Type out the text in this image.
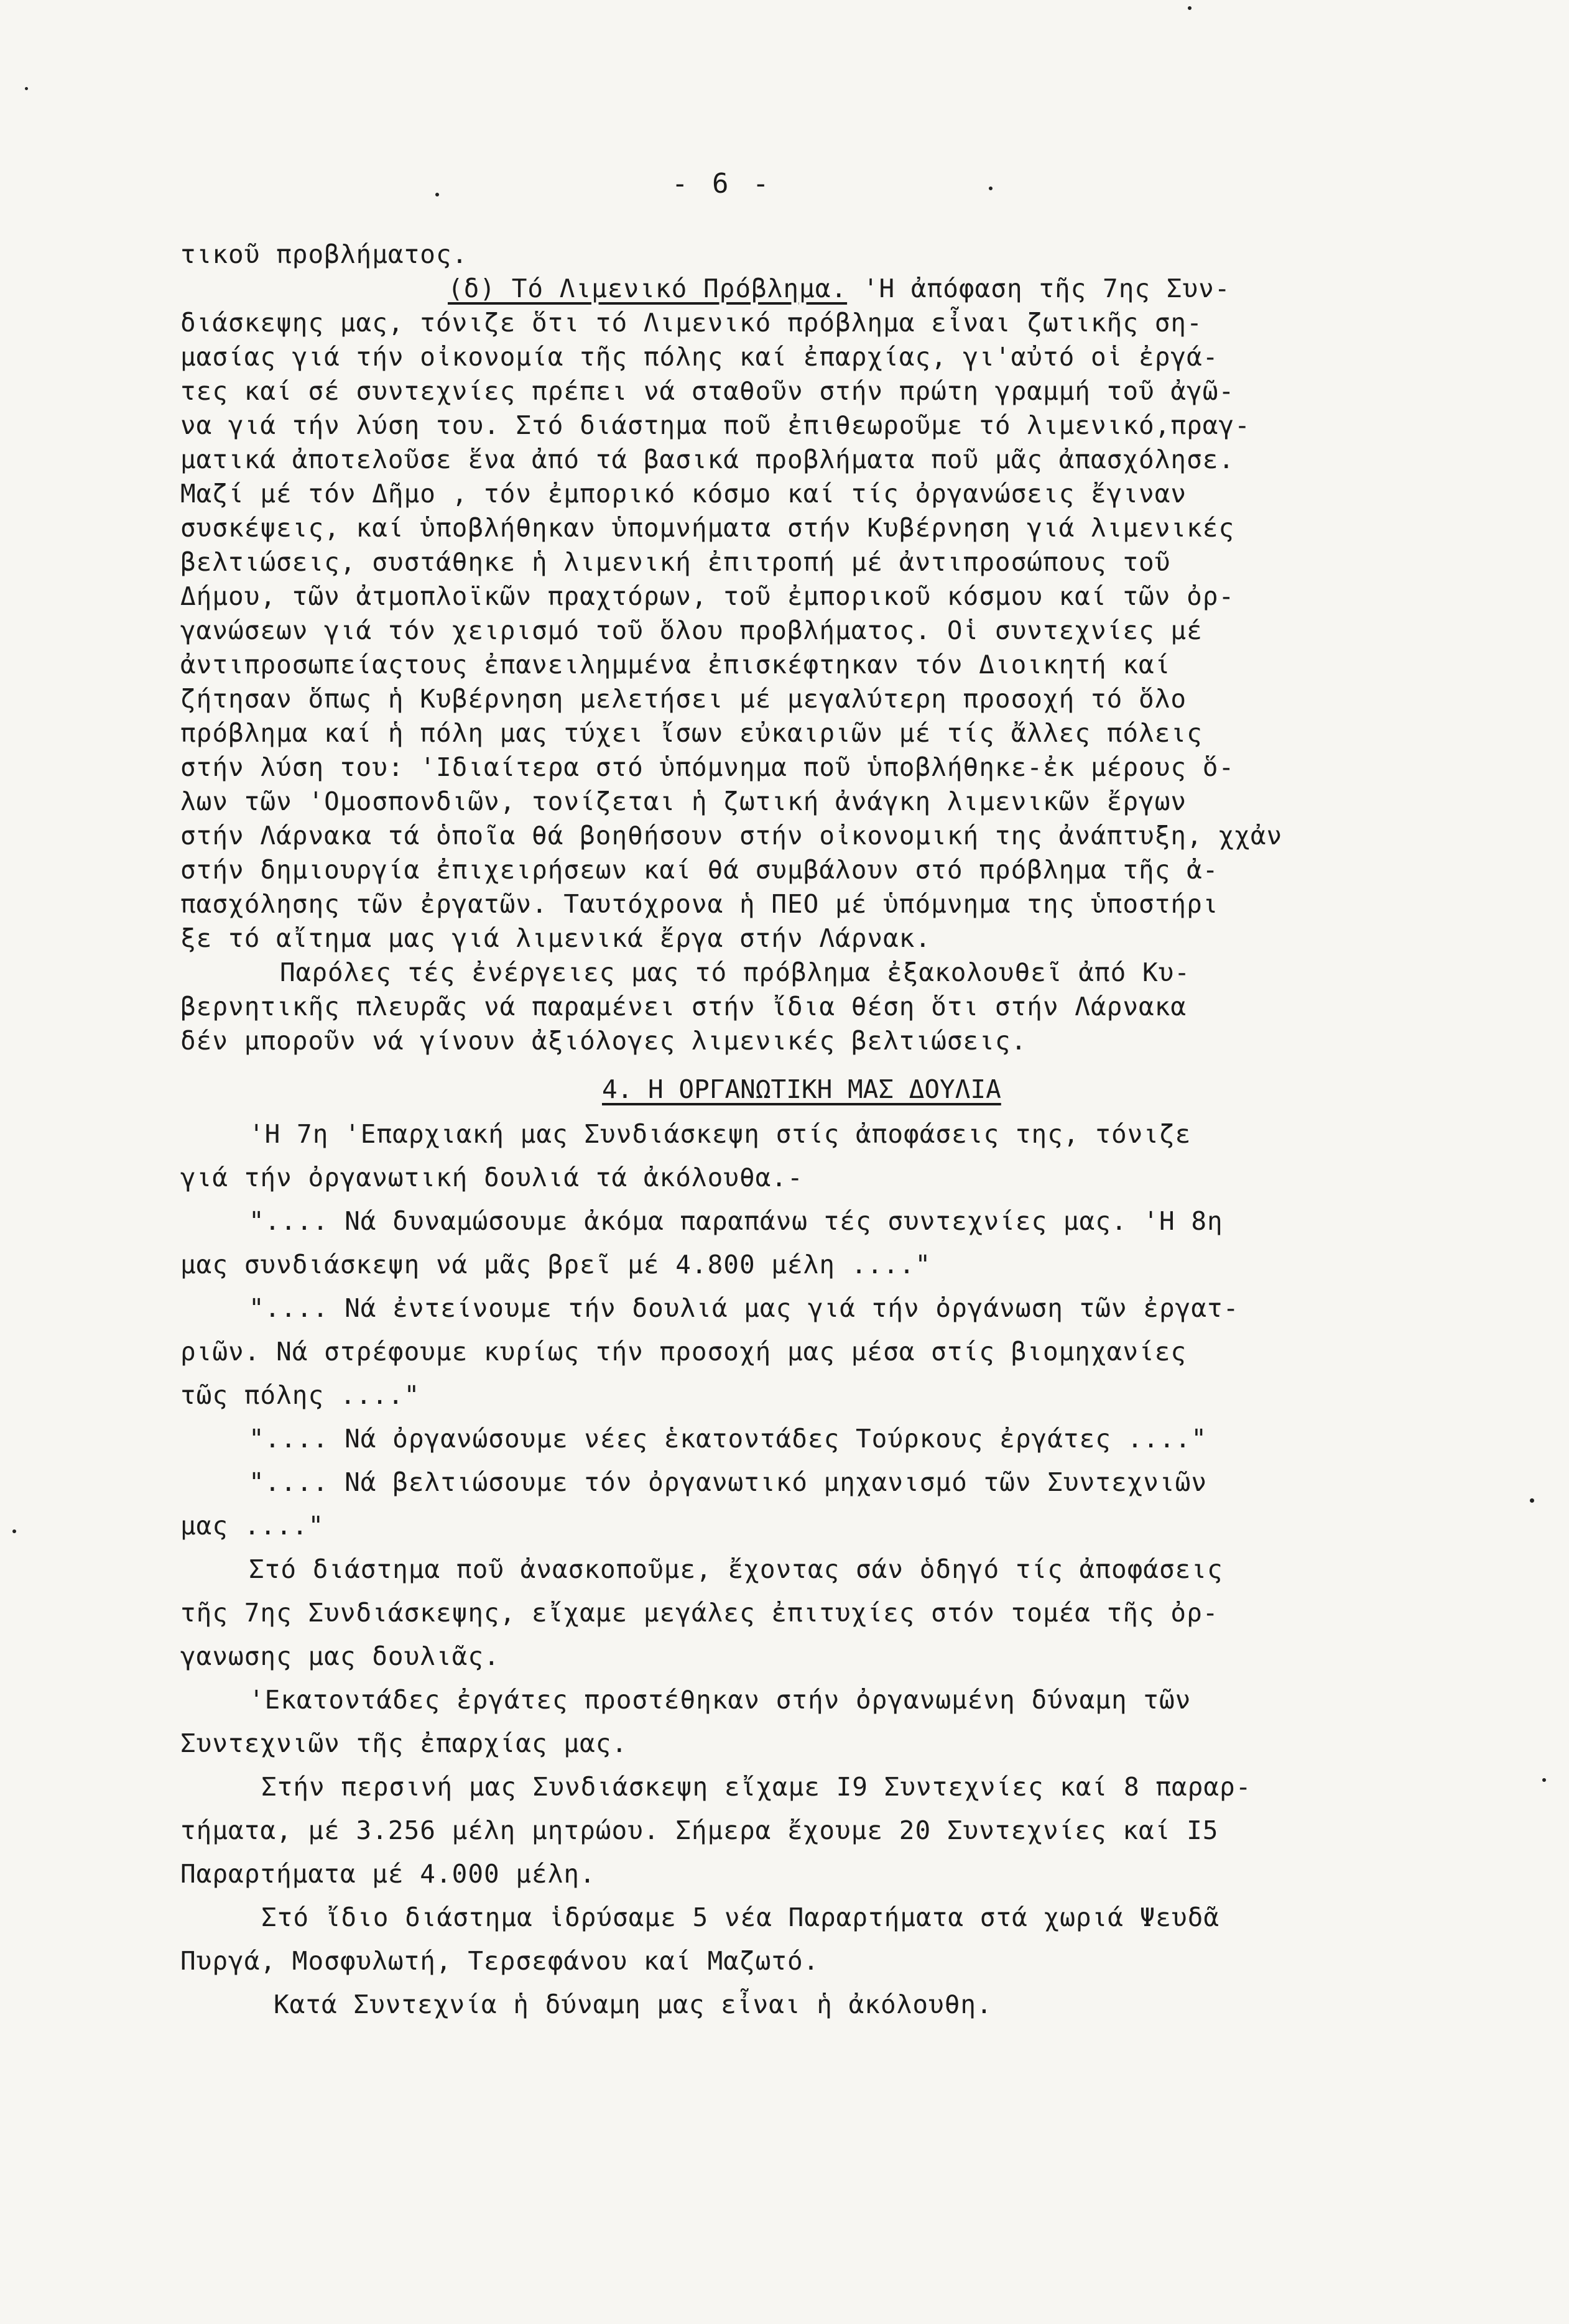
- 6 -
τικοῦ προβλήματος.
(δ) Τό Λιμενικό Πρόβλημα. 'Η ἀπόφαση τῆς 7ης Συν-
διάσκεψης μας, τόνιζε ὅτι τό Λιμενικό πρόβλημα εἶναι ζωτικῆς ση-
μασίας γιά τήν οἰκονομία τῆς πόλης καί ἐπαρχίας, γι'αὐτό οἱ ἐργά-
τες καί σέ συντεχνίες πρέπει νά σταθοῦν στήν πρώτη γραμμή τοῦ ἀγῶ-
να γιά τήν λύση του. Στό διάστημα ποῦ ἐπιθεωροῦμε τό λιμενικό,πραγ-
ματικά ἀποτελοῦσε ἕνα ἀπό τά βασικά προβλήματα ποῦ μᾶς ἀπασχόλησε.
Μαζί μέ τόν Δῆμο , τόν ἐμπορικό κόσμο καί τίς ὀργανώσεις ἔγιναν
συσκέψεις, καί ὑποβλήθηκαν ὑπομνήματα στήν Κυβέρνηση γιά λιμενικές
βελτιώσεις, συστάθηκε ἡ λιμενική ἐπιτροπή μέ ἀντιπροσώπους τοῦ
Δήμου, τῶν ἀτμοπλοϊκῶν πραχτόρων, τοῦ ἐμπορικοῦ κόσμου καί τῶν ὀρ-
γανώσεων γιά τόν χειρισμό τοῦ ὅλου προβλήματος. Οἱ συντεχνίες μέ
ἀντιπροσωπείαςτους ἐπανειλημμένα ἐπισκέφτηκαν τόν Διοικητή καί
ζήτησαν ὅπως ἡ Κυβέρνηση μελετήσει μέ μεγαλύτερη προσοχή τό ὅλο
πρόβλημα καί ἡ πόλη μας τύχει ἴσων εὐκαιριῶν μέ τίς ἄλλες πόλεις
στήν λύση του: 'Ιδιαίτερα στό ὑπόμνημα ποῦ ὑποβλήθηκε-ἐκ μέρους ὅ-
λων τῶν 'Ομοσπονδιῶν, τονίζεται ἡ ζωτική ἀνάγκη λιμενικῶν ἔργων
στήν Λάρνακα τά ὁποῖα θά βοηθήσουν στήν οἰκονομική της ἀνάπτυξη, χχἀν
στήν δημιουργία ἐπιχειρήσεων καί θά συμβάλουν στό πρόβλημα τῆς ἀ-
πασχόλησης τῶν ἐργατῶν. Ταυτόχρονα ἡ ΠΕΟ μέ ὑπόμνημα της ὑποστήρι
ξε τό αἴτημα μας γιά λιμενικά ἔργα στήν Λάρνακ.
Παρόλες τές ἐνέργειες μας τό πρόβλημα ἐξακολουθεῖ ἀπό Κυ-
βερνητικῆς πλευρᾶς νά παραμένει στήν ἴδια θέση ὅτι στήν Λάρνακα
δέν μποροῦν νά γίνουν ἀξιόλογες λιμενικές βελτιώσεις.
4. Η ΟΡΓΑΝΩΤΙΚΗ ΜΑΣ ΔΟΥΛΙΑ
'Η 7η 'Επαρχιακή μας Συνδιάσκεψη στίς ἀποφάσεις της, τόνιζε
γιά τήν ὀργανωτική δουλιά τά ἀκόλουθα.-
".... Νά δυναμώσουμε ἀκόμα παραπάνω τές συντεχνίες μας. 'Η 8η
μας συνδιάσκεψη νά μᾶς βρεῖ μέ 4.800 μέλη ...."
".... Νά ἐντείνουμε τήν δουλιά μας γιά τήν ὀργάνωση τῶν ἐργατ-
ριῶν. Νά στρέφουμε κυρίως τήν προσοχή μας μέσα στίς βιομηχανίες
τῶς πόλης ...."
".... Νά ὀργανώσουμε νέες ἑκατοντάδες Τούρκους ἐργάτες ...."
".... Νά βελτιώσουμε τόν ὀργανωτικό μηχανισμό τῶν Συντεχνιῶν
μας ...."
Στό διάστημα ποῦ ἀνασκοποῦμε, ἔχοντας σάν ὁδηγό τίς ἀποφάσεις
τῆς 7ης Συνδιάσκεψης, εἴχαμε μεγάλες ἐπιτυχίες στόν τομέα τῆς ὀρ-
γανωσης μας δουλιᾶς.
'Εκατοντάδες ἐργάτες προστέθηκαν στήν ὀργανωμένη δύναμη τῶν
Συντεχνιῶν τῆς ἐπαρχίας μας.
Στήν περσινή μας Συνδιάσκεψη εἴχαμε Ι9 Συντεχνίες καί 8 παραρ-
τήματα, μέ 3.256 μέλη μητρώου. Σήμερα ἔχουμε 20 Συντεχνίες καί Ι5
Παραρτήματα μέ 4.000 μέλη.
Στό ἴδιο διάστημα ἱδρύσαμε 5 νέα Παραρτήματα στά χωριά Ψευδᾶ
Πυργά, Μοσφυλωτή, Τερσεφάνου καί Μαζωτό.
Κατά Συντεχνία ἡ δύναμη μας εἶναι ἡ ἀκόλουθη.
